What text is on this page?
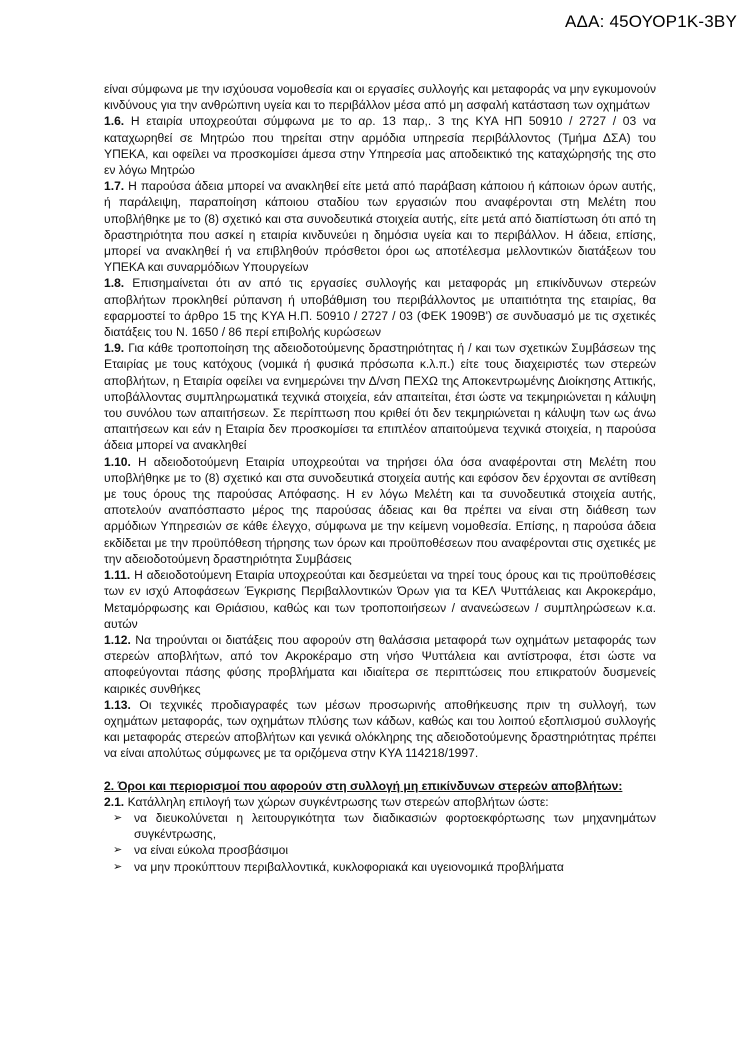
ΑΔΑ: 45ΟΥΟΡ1Κ-3ΒΥ

είναι σύμφωνα με την ισχύουσα νομοθεσία και οι εργασίες συλλογής και μεταφοράς να μην εγκυμονούν κινδύνους για την ανθρώπινη υγεία και το περιβάλλον μέσα από μη ασφαλή κατάσταση των οχημάτων

1.6. Η εταιρία υποχρεούται σύμφωνα με το αρ. 13 παρ,. 3 της ΚΥΑ ΗΠ 50910 / 2727 / 03 να καταχωρηθεί σε Μητρώο που τηρείται στην αρμόδια υπηρεσία περιβάλλοντος (Τμήμα ΔΣΑ) του ΥΠΕΚΑ, και οφείλει να προσκομίσει άμεσα στην Υπηρεσία μας αποδεικτικό της καταχώρησής της στο εν λόγω Μητρώο

1.7. Η παρούσα άδεια μπορεί να ανακληθεί είτε μετά από παράβαση κάποιου ή κάποιων όρων αυτής, ή παράλειψη, παραποίηση κάποιου σταδίου των εργασιών που αναφέρονται στη Μελέτη που υποβλήθηκε με το (8) σχετικό και στα συνοδευτικά στοιχεία αυτής, είτε μετά από διαπίστωση ότι από τη δραστηριότητα που ασκεί η εταιρία κινδυνεύει η δημόσια υγεία και το περιβάλλον. Η άδεια, επίσης, μπορεί να ανακληθεί ή να επιβληθούν πρόσθετοι όροι ως αποτέλεσμα μελλοντικών διατάξεων του ΥΠΕΚΑ και συναρμόδιων Υπουργείων

1.8. Επισημαίνεται ότι αν από τις εργασίες συλλογής και μεταφοράς μη επικίνδυνων στερεών αποβλήτων προκληθεί ρύπανση ή υποβάθμιση του περιβάλλοντος με υπαιτιότητα της εταιρίας, θα εφαρμοστεί το άρθρο 15 της ΚΥΑ Η.Π. 50910 / 2727 / 03 (ΦΕΚ 1909Β') σε συνδυασμό με τις σχετικές διατάξεις του Ν. 1650 / 86 περί επιβολής κυρώσεων

1.9. Για κάθε τροποποίηση της αδειοδοτούμενης δραστηριότητας ή / και των σχετικών Συμβάσεων της Εταιρίας με τους κατόχους (νομικά ή φυσικά πρόσωπα κ.λ.π.) είτε τους διαχειριστές των στερεών αποβλήτων, η Εταιρία οφείλει να ενημερώνει την Δ/νση ΠΕΧΩ της Αποκεντρωμένης Διοίκησης Αττικής, υποβάλλοντας συμπληρωματικά τεχνικά στοιχεία, εάν απαιτείται, έτσι ώστε να τεκμηριώνεται η κάλυψη του συνόλου των απαιτήσεων. Σε περίπτωση που κριθεί ότι δεν τεκμηριώνεται η κάλυψη των ως άνω απαιτήσεων και εάν η Εταιρία δεν προσκομίσει τα επιπλέον απαιτούμενα τεχνικά στοιχεία, η παρούσα άδεια μπορεί να ανακληθεί

1.10. Η αδειοδοτούμενη Εταιρία υποχρεούται να τηρήσει όλα όσα αναφέρονται στη Μελέτη που υποβλήθηκε με το (8) σχετικό και στα συνοδευτικά στοιχεία αυτής και εφόσον δεν έρχονται σε αντίθεση με τους όρους της παρούσας Απόφασης. Η εν λόγω Μελέτη και τα συνοδευτικά στοιχεία αυτής, αποτελούν αναπόσπαστο μέρος της παρούσας άδειας και θα πρέπει να είναι στη διάθεση των αρμόδιων Υπηρεσιών σε κάθε έλεγχο, σύμφωνα με την κείμενη νομοθεσία. Επίσης, η παρούσα άδεια εκδίδεται με την προϋπόθεση τήρησης των όρων και προϋποθέσεων που αναφέρονται στις σχετικές με την αδειοδοτούμενη δραστηριότητα Συμβάσεις

1.11. Η αδειοδοτούμενη Εταιρία υποχρεούται και δεσμεύεται να τηρεί τους όρους και τις προϋποθέσεις των εν ισχύ Αποφάσεων Έγκρισης Περιβαλλοντικών Όρων για τα ΚΕΛ Ψυττάλειας και Ακροκεράμο, Μεταμόρφωσης και Θριάσιου, καθώς και των τροποποιήσεων / ανανεώσεων / συμπληρώσεων κ.α. αυτών

1.12. Να τηρούνται οι διατάξεις που αφορούν στη θαλάσσια μεταφορά των οχημάτων μεταφοράς των στερεών αποβλήτων, από τον Ακροκέραμο στη νήσο Ψυττάλεια και αντίστροφα, έτσι ώστε να αποφεύγονται πάσης φύσης προβλήματα και ιδιαίτερα σε περιπτώσεις που επικρατούν δυσμενείς καιρικές συνθήκες

1.13. Οι τεχνικές προδιαγραφές των μέσων προσωρινής αποθήκευσης πριν τη συλλογή, των οχημάτων μεταφοράς, των οχημάτων πλύσης των κάδων, καθώς και του λοιπού εξοπλισμού συλλογής και μεταφοράς στερεών αποβλήτων και γενικά ολόκληρης της αδειοδοτούμενης δραστηριότητας πρέπει να είναι απολύτως σύμφωνες με τα οριζόμενα στην ΚΥΑ 114218/1997.

2. Όροι και περιορισμοί που αφορούν στη συλλογή μη επικίνδυνων στερεών αποβλήτων:

2.1. Κατάλληλη επιλογή των χώρων συγκέντρωσης των στερεών αποβλήτων ώστε:

➢ να διευκολύνεται η λειτουργικότητα των διαδικασιών φορτοεκφόρτωσης των μηχανημάτων συγκέντρωσης,
➢ να είναι εύκολα προσβάσιμοι
➢ να μην προκύπτουν περιβαλλοντικά, κυκλοφοριακά και υγειονομικά προβλήματα
